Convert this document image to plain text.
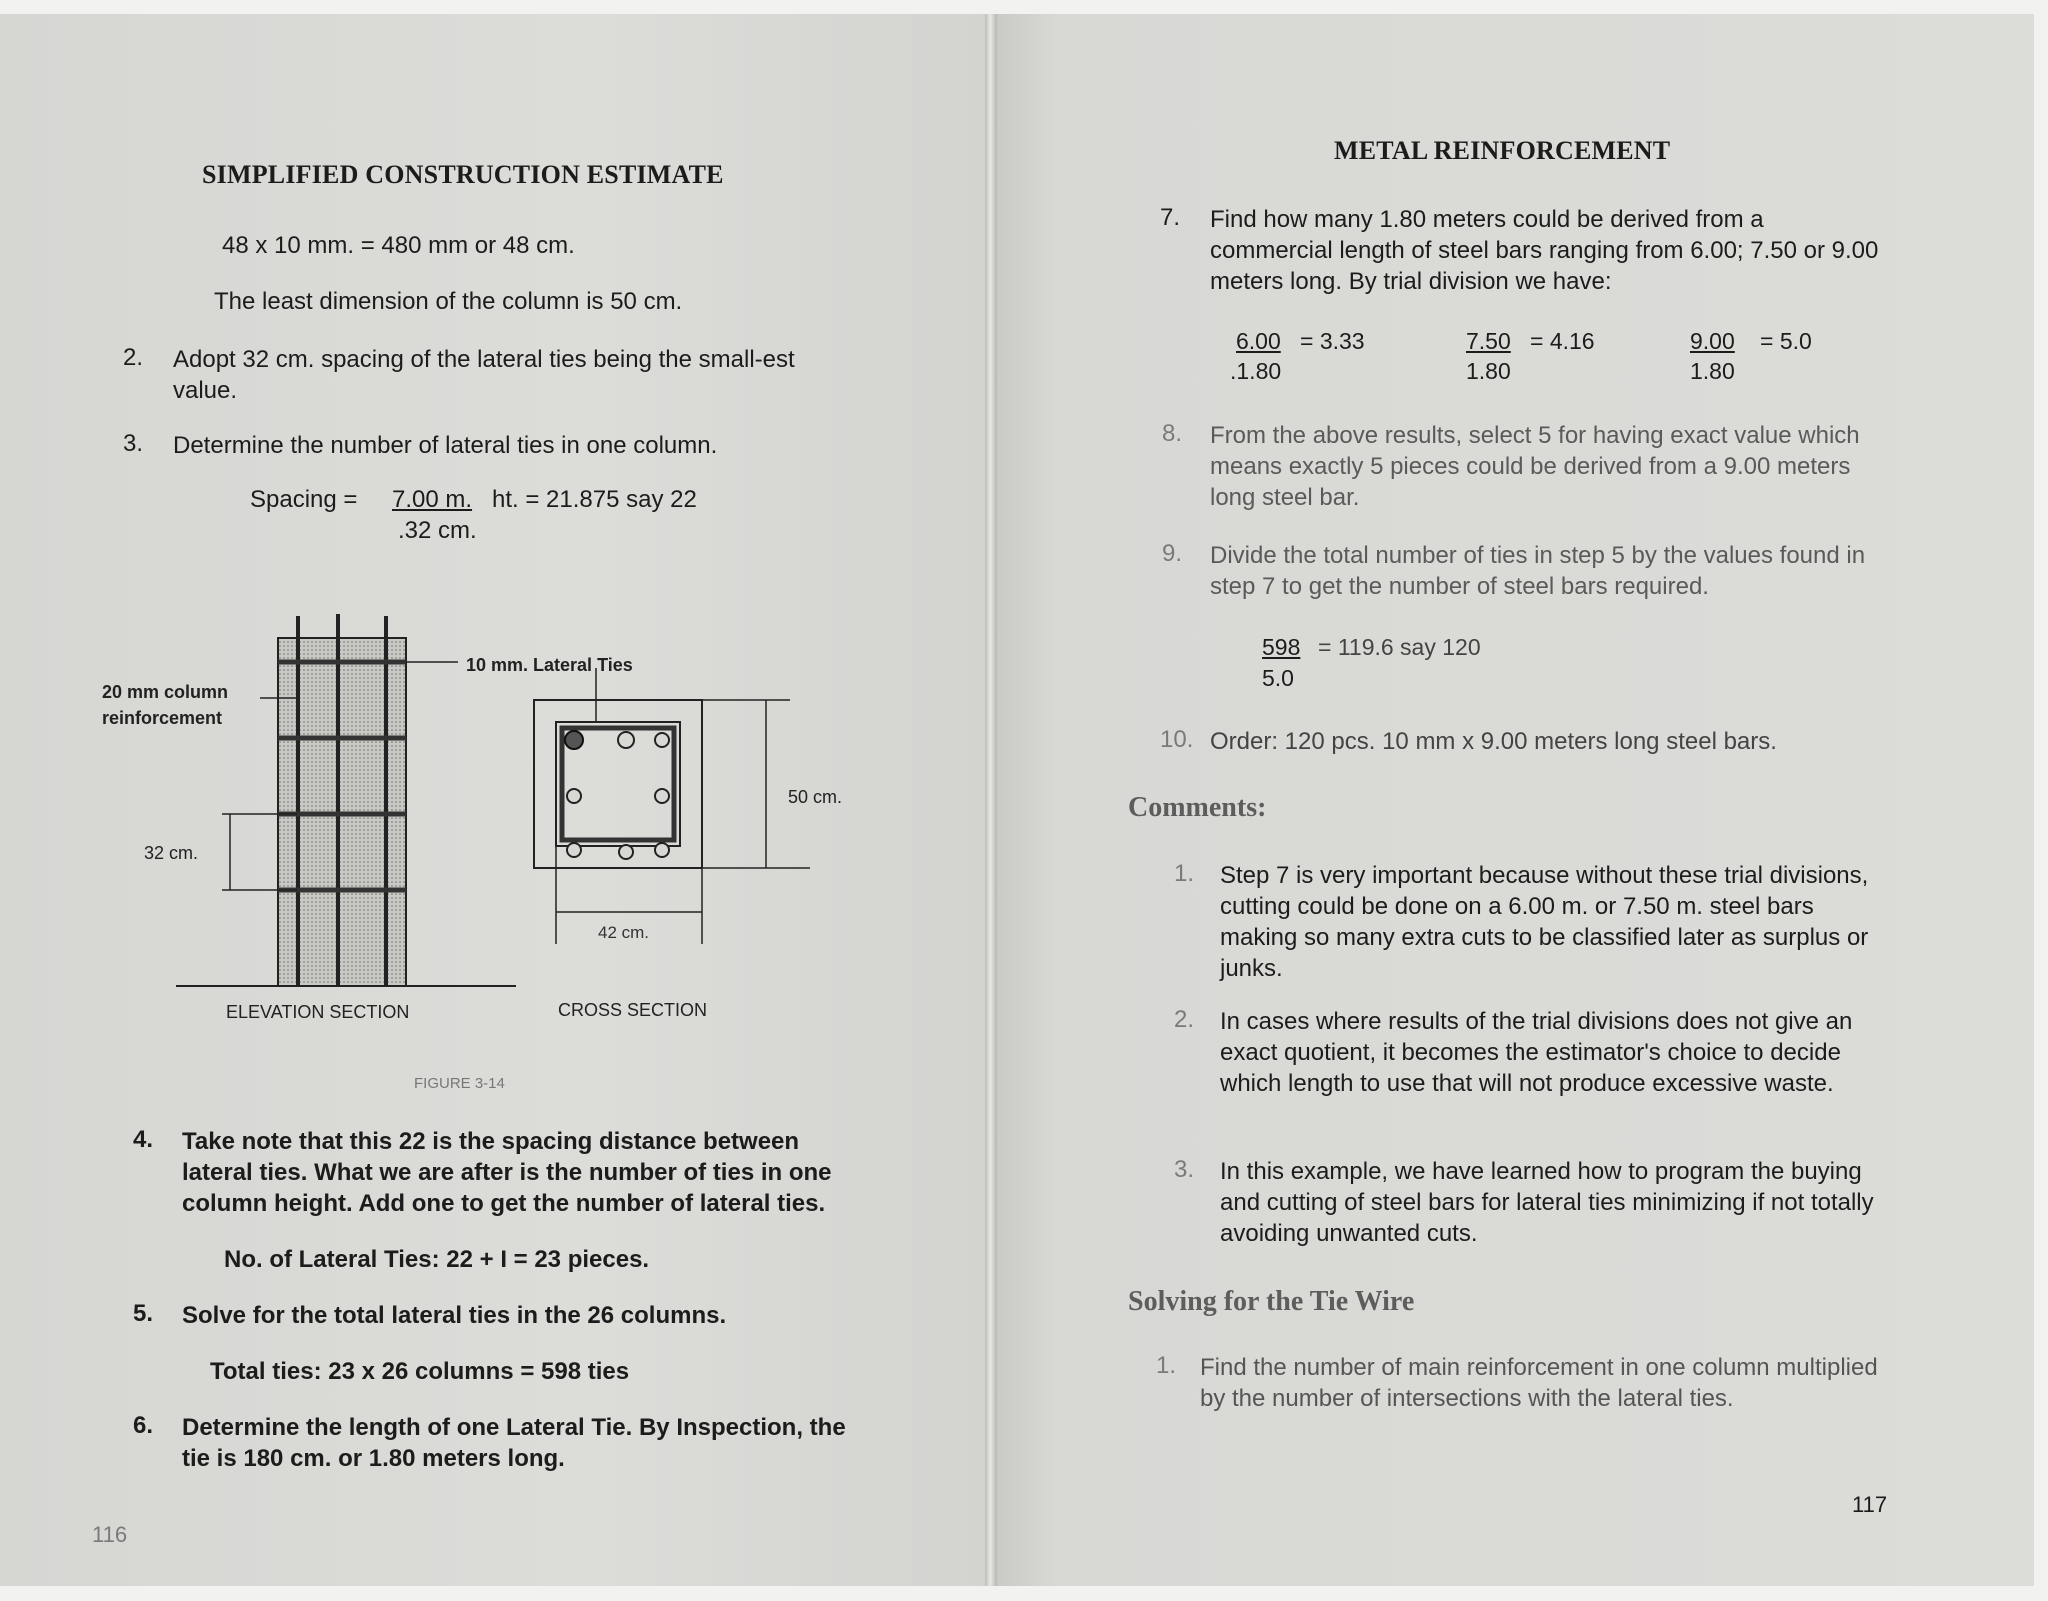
SIMPLIFIED CONSTRUCTION ESTIMATE
48 x 10 mm. = 480 mm or 48 cm.
The least dimension of the column is 50 cm.
2. Adopt 32 cm. spacing of the lateral ties being the small-est value.
3. Determine the number of lateral ties in one column.
Spacing = 7.00 m. ht. = 21.875 say 22
.32 cm.
10 mm. Lateral Ties
20 mm column
reinforcement
32 cm.
50 cm.
42 cm.
ELEVATION SECTION	CROSS SECTION
FIGURE 3-14
4. Take note that this 22 is the spacing distance between lateral ties. What we are after is the number of ties in one column height. Add one to get the number of lateral ties.
No. of Lateral Ties: 22 + I = 23 pieces.
5. Solve for the total lateral ties in the 26 columns.
Total ties: 23 x 26 columns = 598 ties
6. Determine the length of one Lateral Tie. By Inspection, the tie is 180 cm. or 1.80 meters long.
116
METAL REINFORCEMENT
7. Find how many 1.80 meters could be derived from a commercial length of steel bars ranging from 6.00; 7.50 or 9.00 meters long. By trial division we have:
6.00 = 3.33
.1.80
7.50 = 4.16
1.80
9.00 = 5.0
1.80
8. From the above results, select 5 for having exact value which means exactly 5 pieces could be derived from a 9.00 meters long steel bar.
9. Divide the total number of ties in step 5 by the values found in step 7 to get the number of steel bars required.
598 = 119.6 say 120
5.0
10. Order: 120 pcs. 10 mm x 9.00 meters long steel bars.
Comments:
1. Step 7 is very important because without these trial divisions, cutting could be done on a 6.00 m. or 7.50 m. steel bars making so many extra cuts to be classified later as surplus or junks.
2. In cases where results of the trial divisions does not give an exact quotient, it becomes the estimator's choice to decide which length to use that will not produce excessive waste.
3. In this example, we have learned how to program the buying and cutting of steel bars for lateral ties minimizing if not totally avoiding unwanted cuts.
Solving for the Tie Wire
1. Find the number of main reinforcement in one column multiplied by the number of intersections with the lateral ties.
117
